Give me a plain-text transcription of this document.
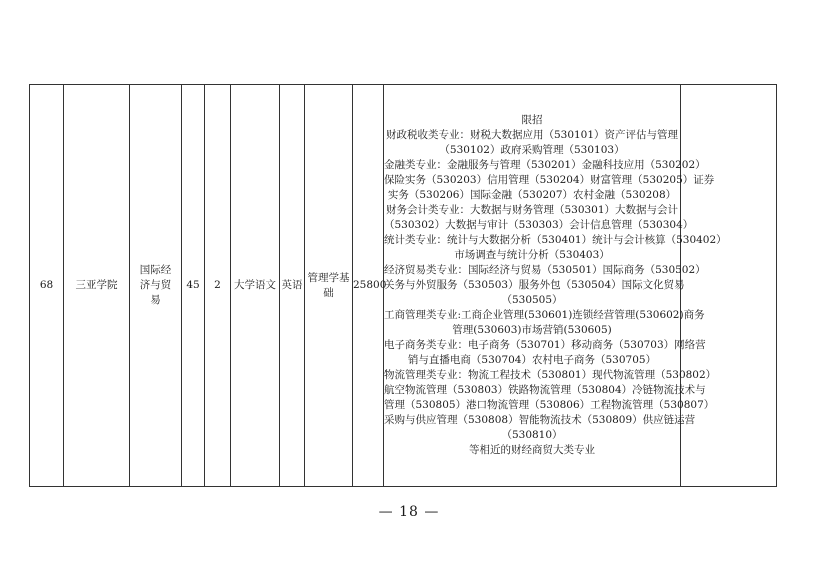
68	三亚学院	国际经济与贸易	45	2	大学语文	英语	管理学基础	25800	
限招
财政税收类专业：财税大数据应用（530101）资产评估与管理
（530102）政府采购管理（530103）
金融类专业：金融服务与管理（530201）金融科技应用（530202）
保险实务（530203）信用管理（530204）财富管理（530205）证券
实务（530206）国际金融（530207）农村金融（530208）
财务会计类专业：大数据与财务管理（530301）大数据与会计
（530302）大数据与审计（530303）会计信息管理（530304）
统计类专业：统计与大数据分析（530401）统计与会计核算（530402）
市场调查与统计分析（530403）
经济贸易类专业：国际经济与贸易（530501）国际商务（530502）
关务与外贸服务（530503）服务外包（530504）国际文化贸易
（530505）
工商管理类专业:工商企业管理(530601)连锁经营管理(530602)商务
管理(530603)市场营销(530605)
电子商务类专业：电子商务（530701）移动商务（530703）网络营
销与直播电商（530704）农村电子商务（530705）
物流管理类专业：物流工程技术（530801）现代物流管理（530802）
航空物流管理（530803）铁路物流管理（530804）冷链物流技术与
管理（530805）港口物流管理（530806）工程物流管理（530807）
采购与供应管理（530808）智能物流技术（530809）供应链运营
（530810）
等相近的财经商贸大类专业

— 18 —
